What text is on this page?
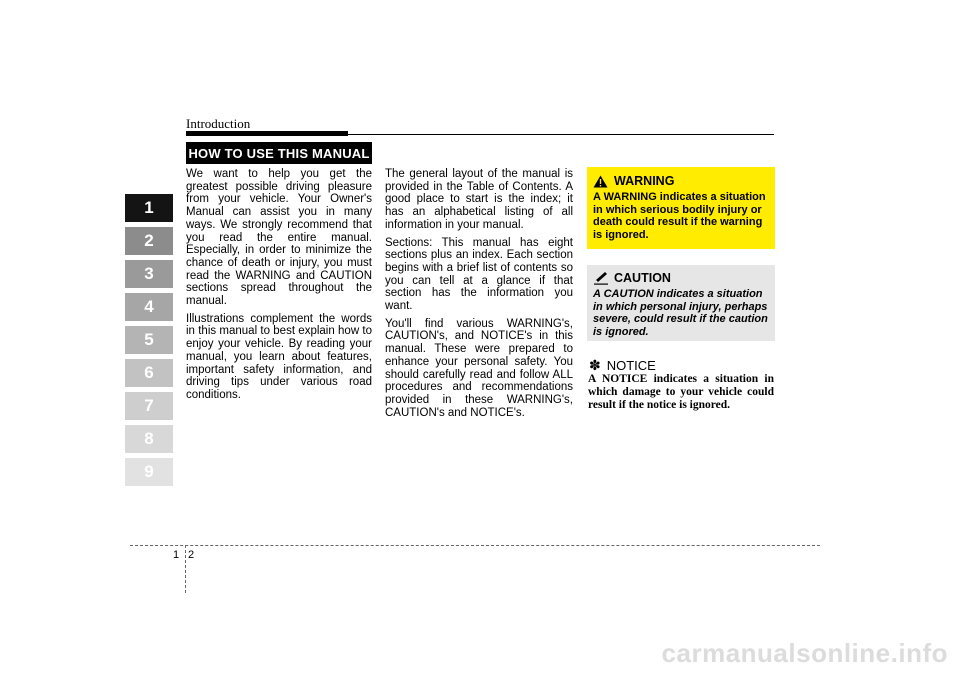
Introduction
1
2
3
4
5
6
7
8
9
HOW TO USE THIS MANUAL

We want to help you get the greatest possible driving pleasure from your vehicle. Your Owner's Manual can assist you in many ways. We strongly recommend that you read the entire manual. Especially, in order to minimize the chance of death or injury, you must read the WARNING and CAUTION sections spread throughout the manual.

Illustrations complement the words in this manual to best explain how to enjoy your vehicle. By reading your manual, you learn about features, important safety information, and driving tips under various road conditions.

The general layout of the manual is provided in the Table of Contents. A good place to start is the index; it has an alphabetical listing of all information in your manual.

Sections: This manual has eight sections plus an index. Each section begins with a brief list of contents so you can tell at a glance if that section has the information you want.

You'll find various WARNING's, CAUTION's, and NOTICE's in this manual. These were prepared to enhance your personal safety. You should carefully read and follow ALL procedures and recommendations provided in these WARNING's, CAUTION's and NOTICE's.

WARNING
A WARNING indicates a situation in which serious bodily injury or death could result if the warning is ignored.
CAUTION
A CAUTION indicates a situation in which personal injury, perhaps severe, could result if the caution is ignored.
✽ NOTICE
A NOTICE indicates a situation in which damage to your vehicle could result if the notice is ignored.
1 2
carmanualsonline.info
